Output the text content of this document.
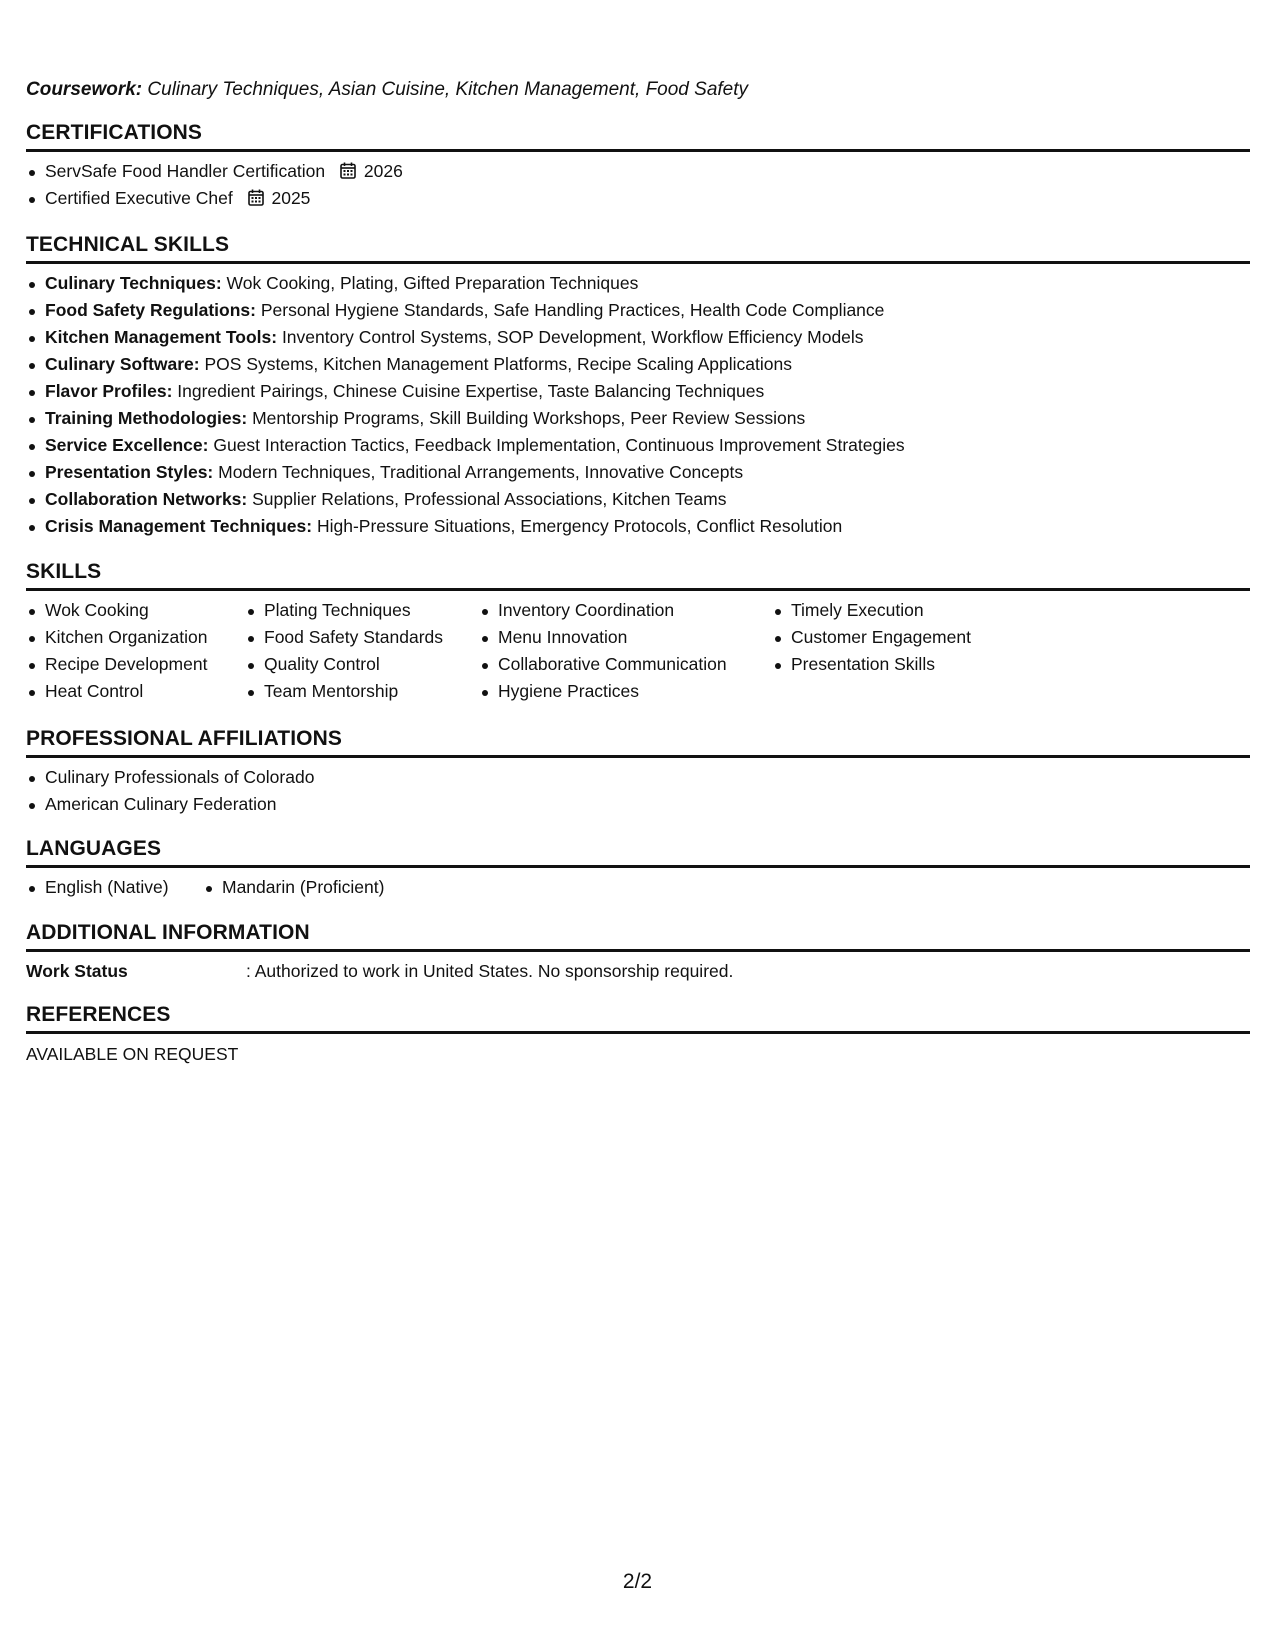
Coursework: Culinary Techniques, Asian Cuisine, Kitchen Management, Food Safety
CERTIFICATIONS
ServSafe Food Handler Certification 2026
Certified Executive Chef 2025
TECHNICAL SKILLS
Culinary Techniques: Wok Cooking, Plating, Gifted Preparation Techniques
Food Safety Regulations: Personal Hygiene Standards, Safe Handling Practices, Health Code Compliance
Kitchen Management Tools: Inventory Control Systems, SOP Development, Workflow Efficiency Models
Culinary Software: POS Systems, Kitchen Management Platforms, Recipe Scaling Applications
Flavor Profiles: Ingredient Pairings, Chinese Cuisine Expertise, Taste Balancing Techniques
Training Methodologies: Mentorship Programs, Skill Building Workshops, Peer Review Sessions
Service Excellence: Guest Interaction Tactics, Feedback Implementation, Continuous Improvement Strategies
Presentation Styles: Modern Techniques, Traditional Arrangements, Innovative Concepts
Collaboration Networks: Supplier Relations, Professional Associations, Kitchen Teams
Crisis Management Techniques: High-Pressure Situations, Emergency Protocols, Conflict Resolution
SKILLS
Wok Cooking
Kitchen Organization
Recipe Development
Heat Control
Plating Techniques
Food Safety Standards
Quality Control
Team Mentorship
Inventory Coordination
Menu Innovation
Collaborative Communication
Hygiene Practices
Timely Execution
Customer Engagement
Presentation Skills
PROFESSIONAL AFFILIATIONS
Culinary Professionals of Colorado
American Culinary Federation
LANGUAGES
English (Native)	Mandarin (Proficient)
ADDITIONAL INFORMATION
Work Status	: Authorized to work in United States. No sponsorship required.
REFERENCES
AVAILABLE ON REQUEST
2/2
